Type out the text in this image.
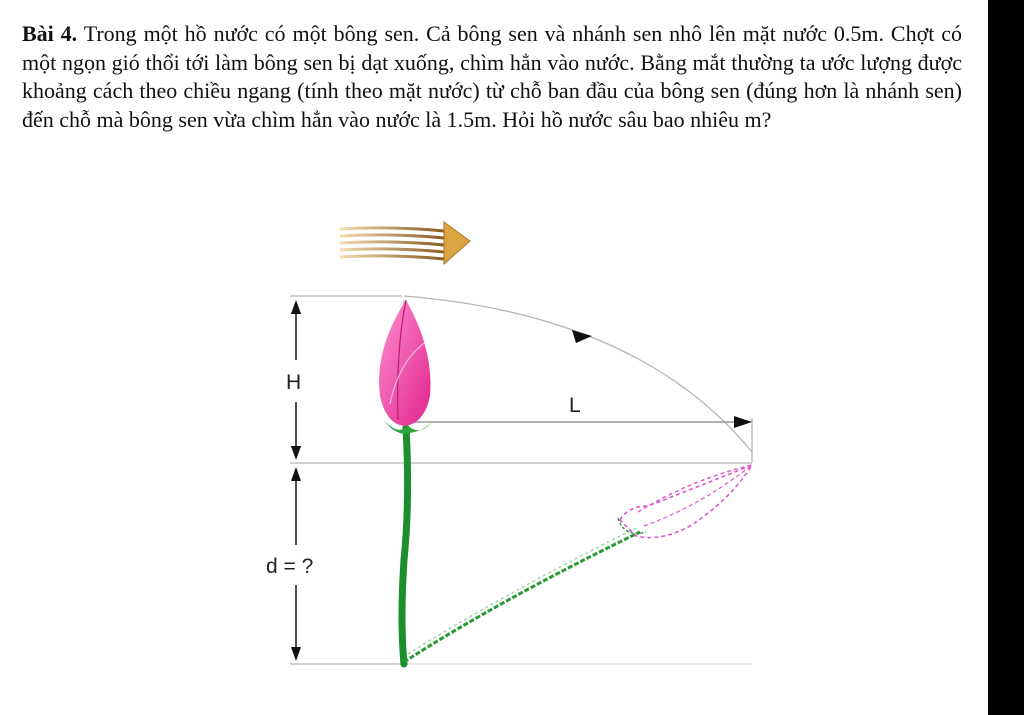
Bài 4. Trong một hồ nước có một bông sen. Cả bông sen và nhánh sen nhô lên mặt nước 0.5m. Chợt có một ngọn gió thổi tới làm bông sen bị dạt xuống, chìm hẳn vào nước. Bằng mắt thường ta ước lượng được khoảng cách theo chiều ngang (tính theo mặt nước) từ chỗ ban đầu của bông sen (đúng hơn là nhánh sen) đến chỗ mà bông sen vừa chìm hẳn vào nước là 1.5m. Hỏi hồ nước sâu bao nhiêu m?

H
L
d = ?
